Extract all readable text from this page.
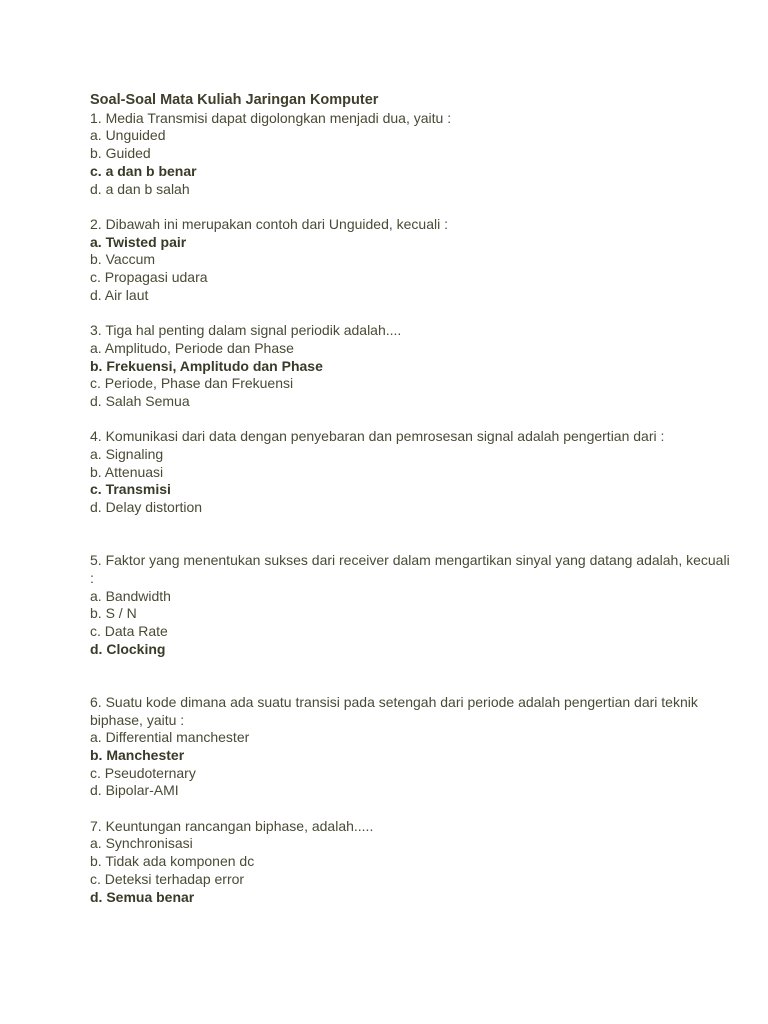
Soal-Soal Mata Kuliah Jaringan Komputer
1. Media Transmisi dapat digolongkan menjadi dua, yaitu :
a. Unguided
b. Guided
c. a dan b benar
d. a dan b salah
2. Dibawah ini merupakan contoh dari Unguided, kecuali :
a. Twisted pair
b. Vaccum
c. Propagasi udara
d. Air laut
3. Tiga hal penting dalam signal periodik adalah....
a. Amplitudo, Periode dan Phase
b. Frekuensi, Amplitudo dan Phase
c. Periode, Phase dan Frekuensi
d. Salah Semua
4. Komunikasi dari data dengan penyebaran dan pemrosesan signal adalah pengertian dari :
a. Signaling
b. Attenuasi
c. Transmisi
d. Delay distortion
5. Faktor yang menentukan sukses dari receiver dalam mengartikan sinyal yang datang adalah, kecuali :
a. Bandwidth
b. S / N
c. Data Rate
d. Clocking
6. Suatu kode dimana ada suatu transisi pada setengah dari periode adalah pengertian dari teknik biphase, yaitu :
a. Differential manchester
b. Manchester
c. Pseudoternary
d. Bipolar-AMI
7. Keuntungan rancangan biphase, adalah.....
a. Synchronisasi
b. Tidak ada komponen dc
c. Deteksi terhadap error
d. Semua benar
